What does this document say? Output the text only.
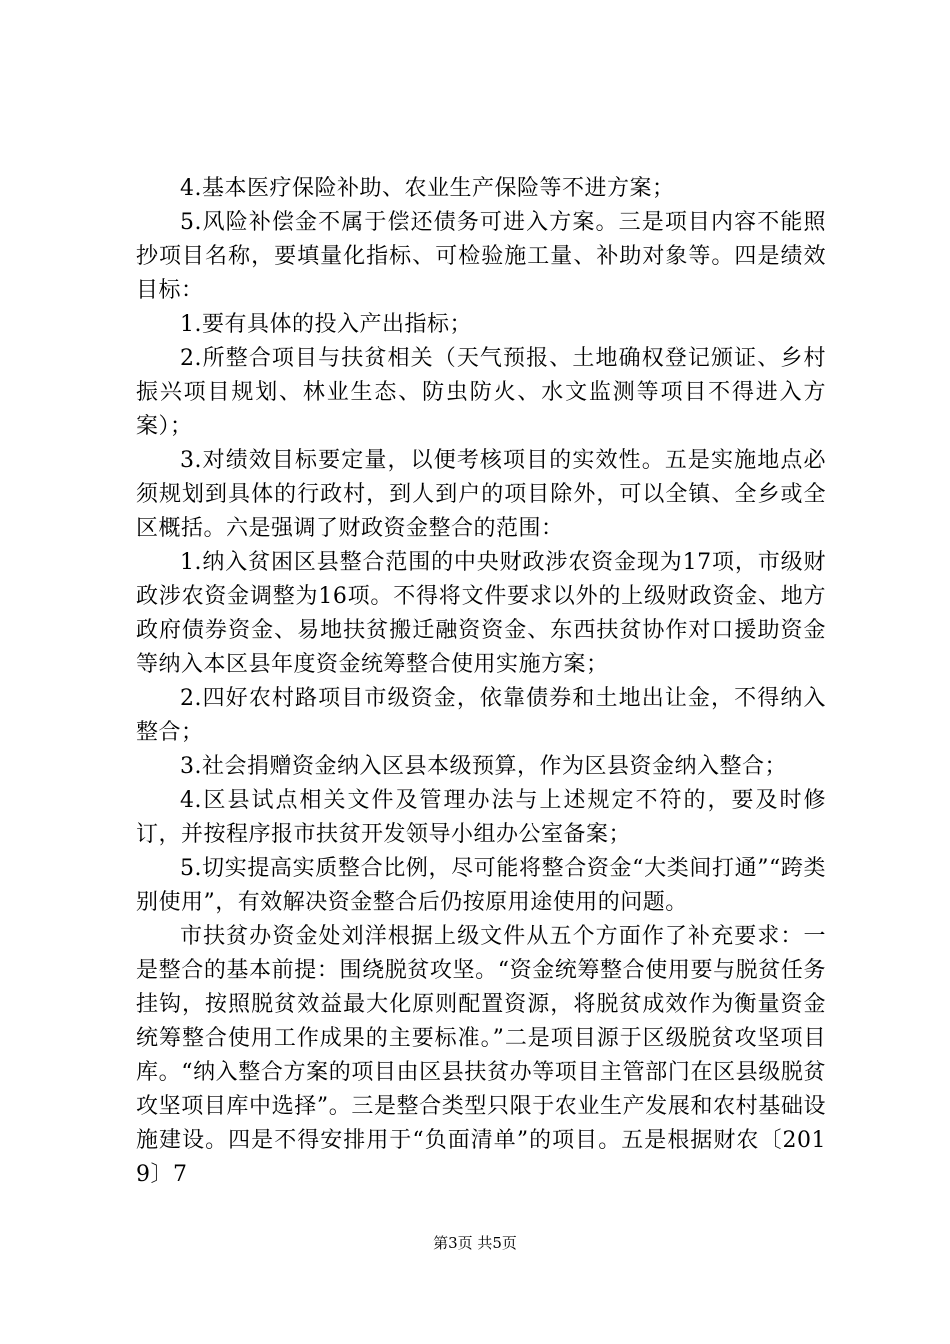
4.基本医疗保险补助、农业生产保险等不进方案；

5.风险补偿金不属于偿还债务可进入方案。三是项目内容不能照抄项目名称，要填量化指标、可检验施工量、补助对象等。四是绩效目标：

1.要有具体的投入产出指标；

2.所整合项目与扶贫相关（天气预报、土地确权登记颁证、乡村振兴项目规划、林业生态、防虫防火、水文监测等项目不得进入方案）；

3.对绩效目标要定量，以便考核项目的实效性。五是实施地点必须规划到具体的行政村，到人到户的项目除外，可以全镇、全乡或全区概括。六是强调了财政资金整合的范围：

1.纳入贫困区县整合范围的中央财政涉农资金现为17项，市级财政涉农资金调整为16项。不得将文件要求以外的上级财政资金、地方政府债券资金、易地扶贫搬迁融资资金、东西扶贫协作对口援助资金等纳入本区县年度资金统筹整合使用实施方案；

2.四好农村路项目市级资金，依靠债券和土地出让金，不得纳入整合；

3.社会捐赠资金纳入区县本级预算，作为区县资金纳入整合；

4.区县试点相关文件及管理办法与上述规定不符的，要及时修订，并按程序报市扶贫开发领导小组办公室备案；

5.切实提高实质整合比例，尽可能将整合资金“大类间打通”“跨类别使用”，有效解决资金整合后仍按原用途使用的问题。

市扶贫办资金处刘洋根据上级文件从五个方面作了补充要求：一是整合的基本前提：围绕脱贫攻坚。“资金统筹整合使用要与脱贫任务挂钩，按照脱贫效益最大化原则配置资源，将脱贫成效作为衡量资金统筹整合使用工作成果的主要标准。”二是项目源于区级脱贫攻坚项目库。“纳入整合方案的项目由区县扶贫办等项目主管部门在区县级脱贫攻坚项目库中选择”。三是整合类型只限于农业生产发展和农村基础设施建设。四是不得安排用于“负面清单”的项目。五是根据财农〔2019〕7

第3页 共5页
